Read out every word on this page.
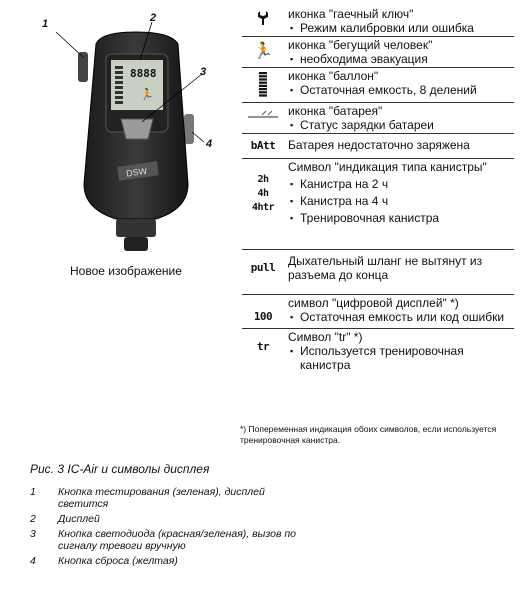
8888
🏃
DSW
1	2
3
4
Новое изображение
	иконка "гаечный ключ"
▪ Режим калибровки или ошибка

🏃	иконка "бегущий человек"
▪ необходима эвакуация

	иконка "баллон"
▪ Остаточная емкость, 8 делений

	иконка "батарея"
▪ Статус зарядки батареи

bAtt	Батарея недостаточно заряжена

2h
4h
4htr	Символ "индикация типа канистры"
▪ Канистра на 2 ч
▪ Канистра на 4 ч
▪ Тренировочная канистра

pull	Дыхательный шланг не вытянут из разъема до конца
100	символ "цифровой дисплей" *)
▪ Остаточная емкость или код ошибки

tr	Символ "tr" *)
▪ Используется тренировочная канистра
*) Попеременная индикация обоих символов, если используется тренировочная канистра.
Рис. 3 IC-Air и символы дисплея
1	Кнопка тестирования (зеленая), дисплей светится
2	Дисплей
3	Кнопка светодиода (красная/зеленая), вызов по сигналу тревоги вручную
4	Кнопка сброса (желтая)
